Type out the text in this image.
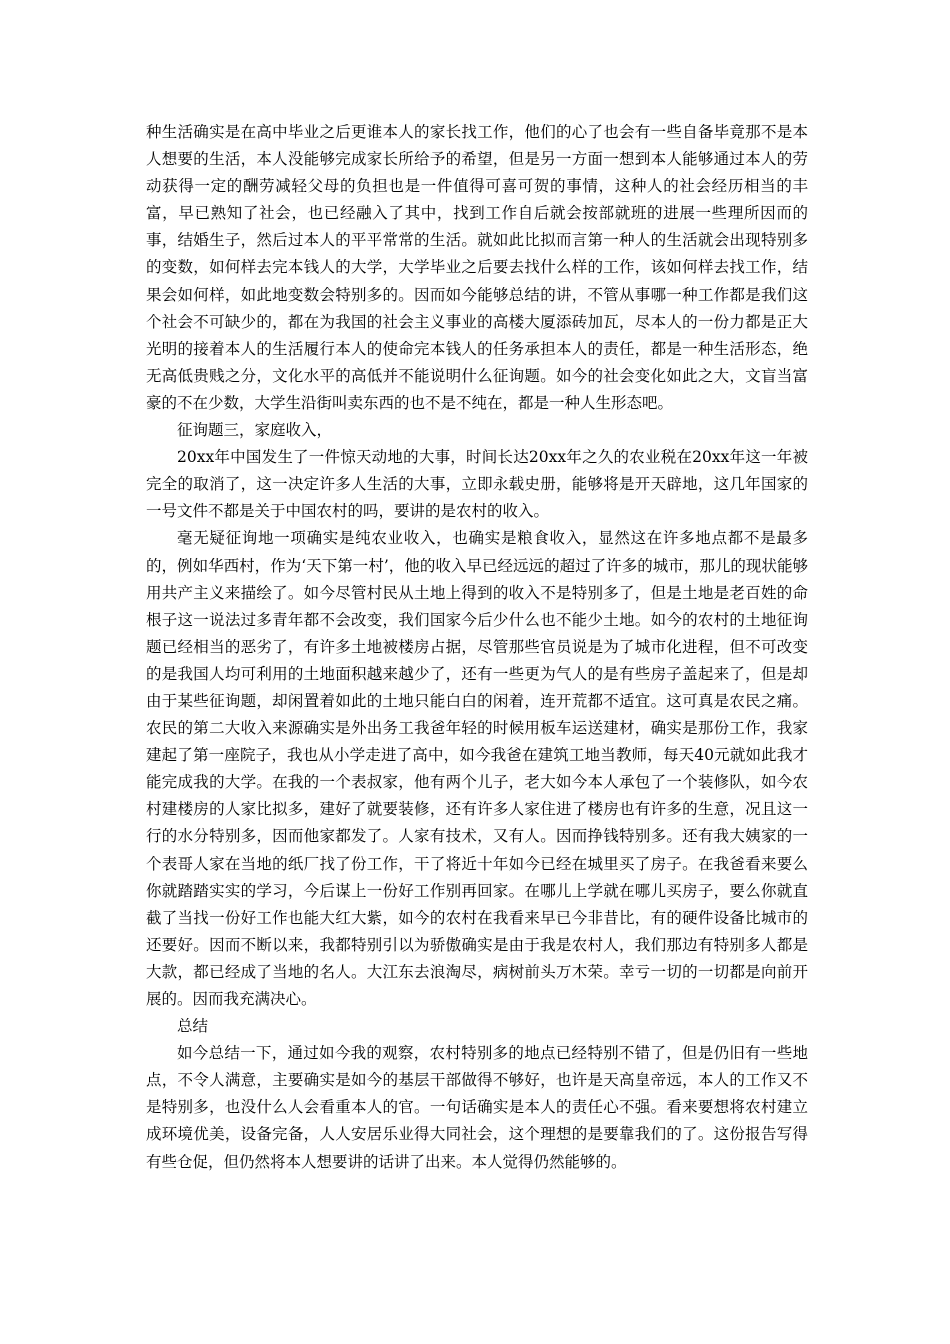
种生活确实是在高中毕业之后更谁本人的家长找工作，他们的心了也会有一些自备毕竟那不是本人想要的生活，本人没能够完成家长所给予的希望，但是另一方面一想到本人能够通过本人的劳动获得一定的酬劳减轻父母的负担也是一件值得可喜可贺的事情，这种人的社会经历相当的丰富，早已熟知了社会，也已经融入了其中，找到工作自后就会按部就班的进展一些理所因而的事，结婚生子，然后过本人的平平常常的生活。就如此比拟而言第一种人的生活就会出现特别多的变数，如何样去完本钱人的大学，大学毕业之后要去找什么样的工作，该如何样去找工作，结果会如何样，如此地变数会特别多的。因而如今能够总结的讲，不管从事哪一种工作都是我们这个社会不可缺少的，都在为我国的社会主义事业的高楼大厦添砖加瓦，尽本人的一份力都是正大光明的接着本人的生活履行本人的使命完本钱人的任务承担本人的责任，都是一种生活形态，绝无高低贵贱之分，文化水平的高低并不能说明什么征询题。如今的社会变化如此之大，文盲当富豪的不在少数，大学生沿街叫卖东西的也不是不纯在，都是一种人生形态吧。

征询题三，家庭收入，

20xx年中国发生了一件惊天动地的大事，时间长达20xx年之久的农业税在20xx年这一年被完全的取消了，这一决定许多人生活的大事，立即永载史册，能够将是开天辟地，这几年国家的一号文件不都是关于中国农村的吗，要讲的是农村的收入。

毫无疑征询地一项确实是纯农业收入，也确实是粮食收入，显然这在许多地点都不是最多的，例如华西村，作为‘天下第一村’，他的收入早已经远远的超过了许多的城市，那儿的现状能够用共产主义来描绘了。如今尽管村民从土地上得到的收入不是特别多了，但是土地是老百姓的命根子这一说法过多青年都不会改变，我们国家今后少什么也不能少土地。如今的农村的土地征询题已经相当的恶劣了，有许多土地被楼房占据，尽管那些官员说是为了城市化进程，但不可改变的是我国人均可利用的土地面积越来越少了，还有一些更为气人的是有些房子盖起来了，但是却由于某些征询题，却闲置着如此的土地只能白白的闲着，连开荒都不适宜。这可真是农民之痛。农民的第二大收入来源确实是外出务工我爸年轻的时候用板车运送建材，确实是那份工作，我家建起了第一座院子，我也从小学走进了高中，如今我爸在建筑工地当教师，每天40元就如此我才能完成我的大学。在我的一个表叔家，他有两个儿子，老大如今本人承包了一个装修队，如今农村建楼房的人家比拟多，建好了就要装修，还有许多人家住进了楼房也有许多的生意，况且这一行的水分特别多，因而他家都发了。人家有技术，又有人。因而挣钱特别多。还有我大姨家的一个表哥人家在当地的纸厂找了份工作，干了将近十年如今已经在城里买了房子。在我爸看来要么你就踏踏实实的学习，今后谋上一份好工作别再回家。在哪儿上学就在哪儿买房子，要么你就直截了当找一份好工作也能大红大紫，如今的农村在我看来早已今非昔比，有的硬件设备比城市的还要好。因而不断以来，我都特别引以为骄傲确实是由于我是农村人，我们那边有特别多人都是大款，都已经成了当地的名人。大江东去浪淘尽，病树前头万木荣。幸亏一切的一切都是向前开展的。因而我充满决心。

总结

如今总结一下，通过如今我的观察，农村特别多的地点已经特别不错了，但是仍旧有一些地点，不令人满意，主要确实是如今的基层干部做得不够好，也许是天高皇帝远，本人的工作又不是特别多，也没什么人会看重本人的官。一句话确实是本人的责任心不强。看来要想将农村建立成环境优美，设备完备，人人安居乐业得大同社会，这个理想的是要靠我们的了。这份报告写得有些仓促，但仍然将本人想要讲的话讲了出来。本人觉得仍然能够的。
